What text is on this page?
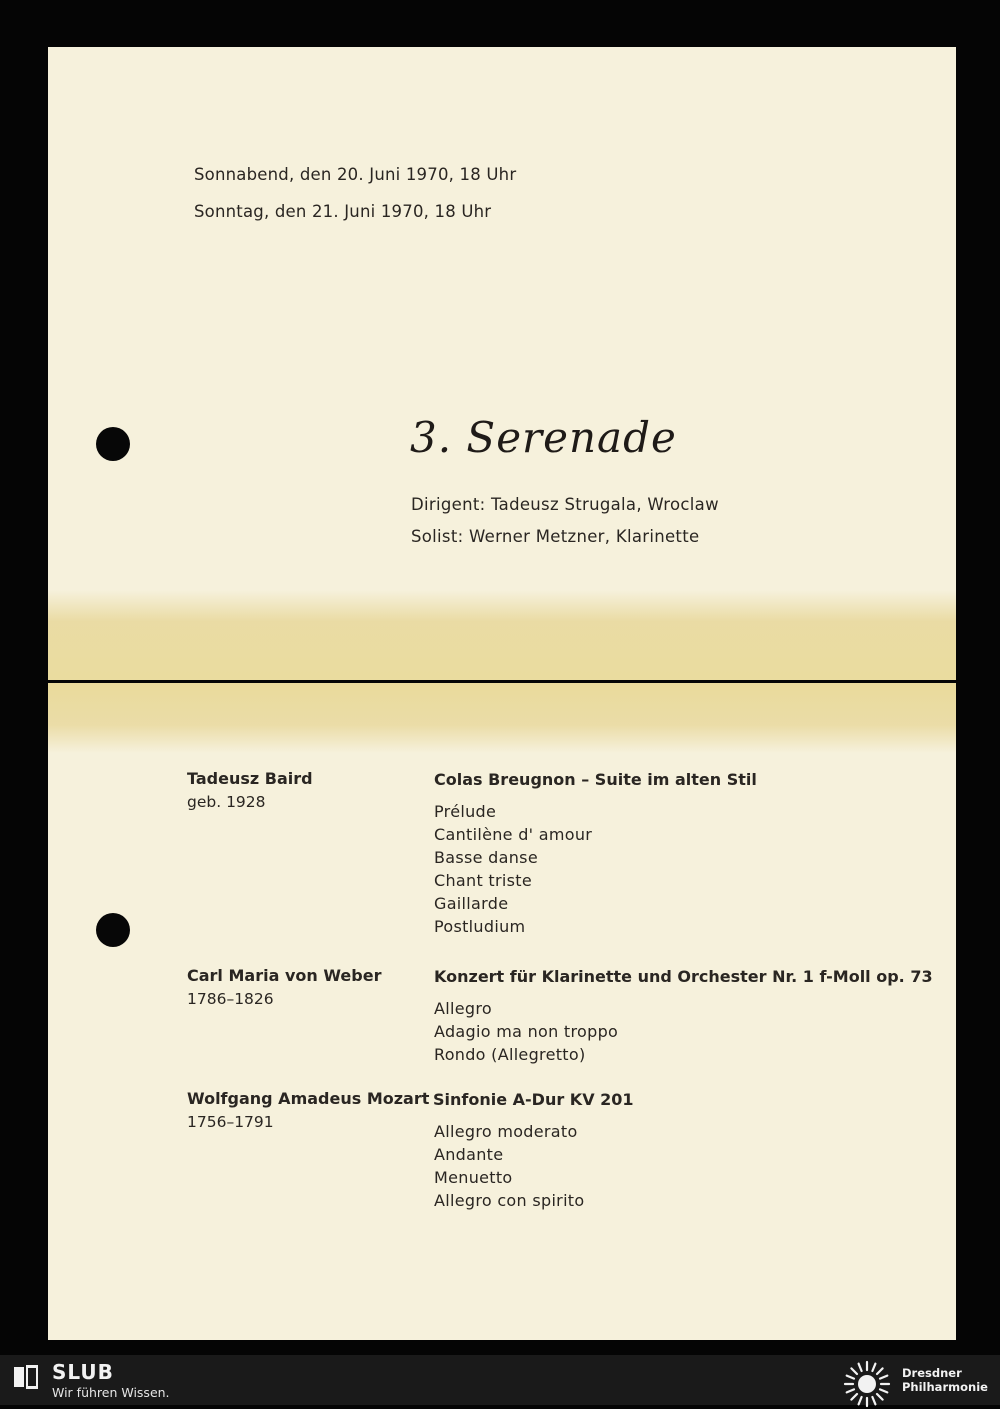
Sonnabend, den 20. Juni 1970, 18 Uhr
Sonntag, den 21. Juni 1970, 18 Uhr
3. Serenade
Dirigent: Tadeusz Strugala, Wroclaw
Solist: Werner Metzner, Klarinette
Tadeusz Baird
geb. 1928
Colas Breugnon – Suite im alten Stil
Prélude
Cantilène d' amour
Basse danse
Chant triste
Gaillarde
Postludium
Carl Maria von Weber
1786–1826
Konzert für Klarinette und Orchester Nr. 1 f-Moll op. 73
Allegro
Adagio ma non troppo
Rondo (Allegretto)
Wolfgang Amadeus Mozart
1756–1791
Sinfonie A-Dur KV 201
Allegro moderato
Andante
Menuetto
Allegro con spirito
SLUB
Wir führen Wissen.
Dresdner
Philharmonie
